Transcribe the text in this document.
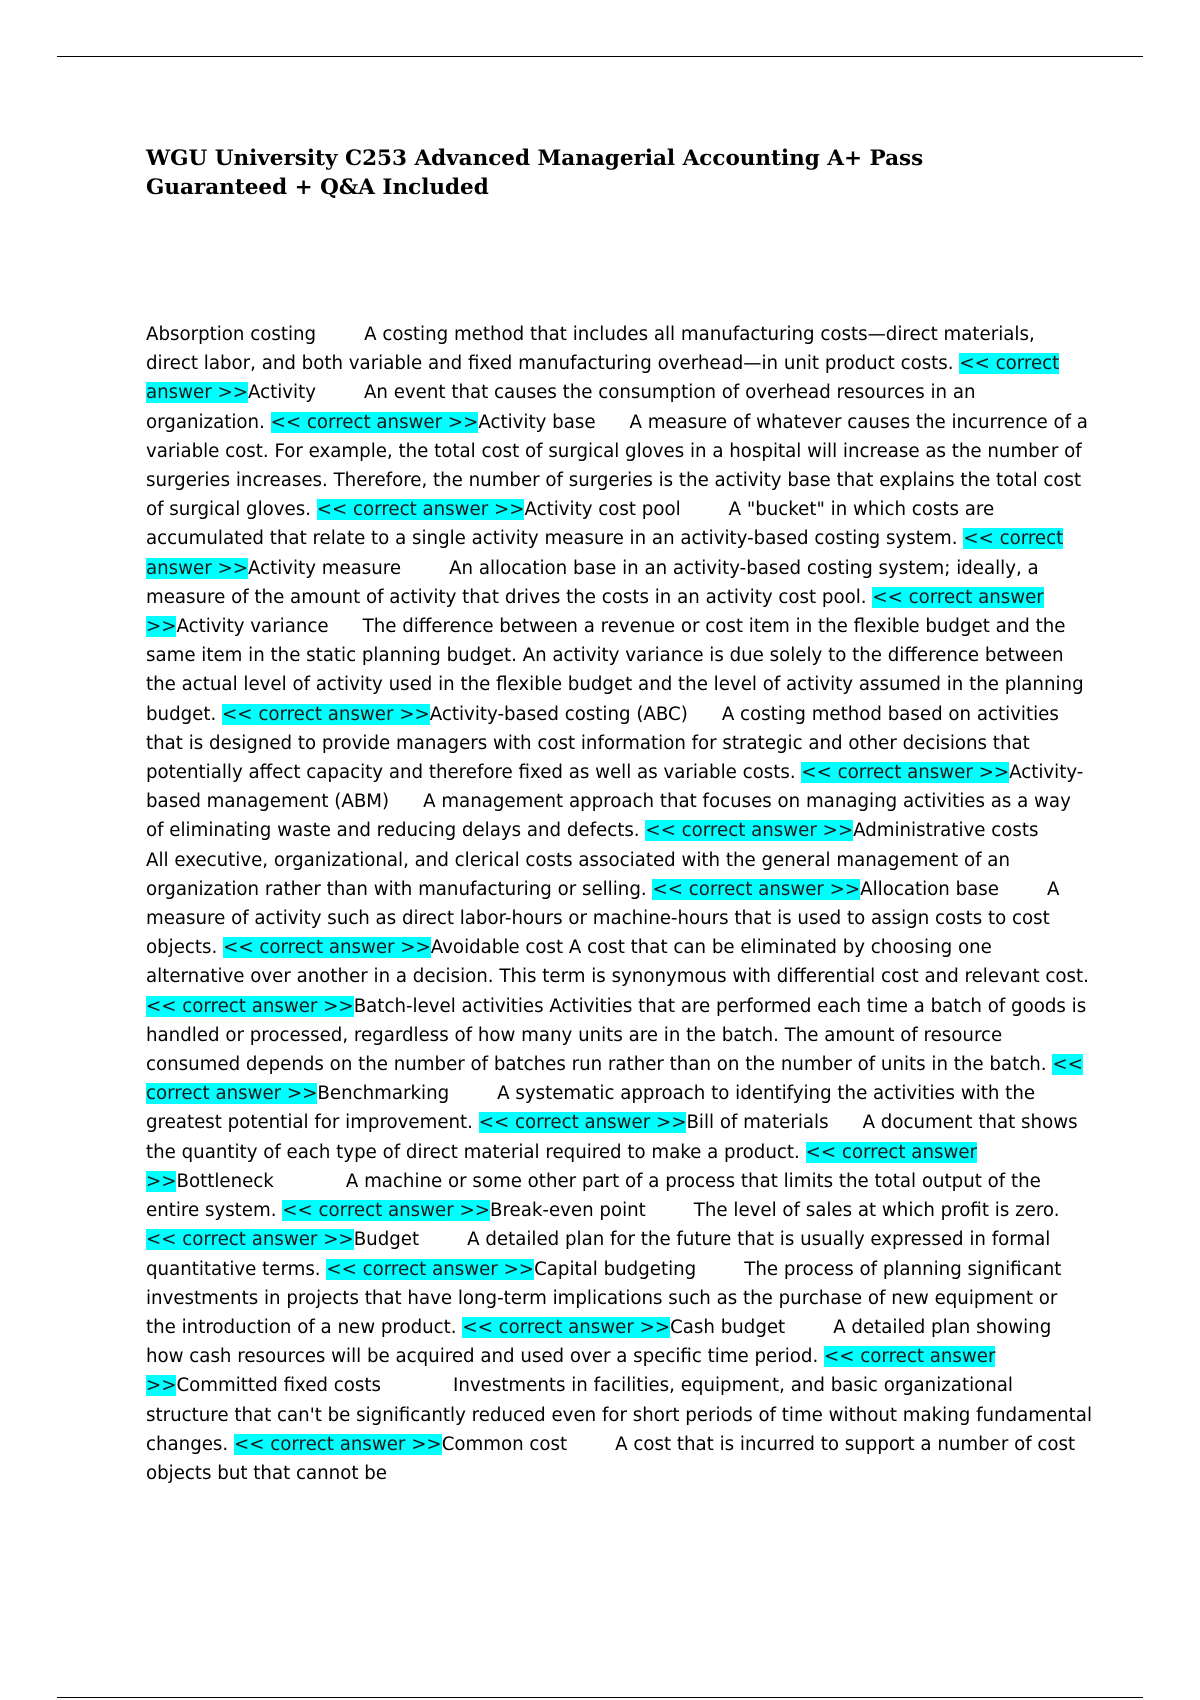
WGU University C253 Advanced Managerial Accounting A+ Pass Guaranteed + Q&A Included

Absorption costing	A costing method that includes all manufacturing costs—direct materials, direct labor, and both variable and fixed manufacturing overhead—in unit product costs. << correct answer >>Activity	An event that causes the consumption of overhead resources in an organization. << correct answer >>Activity base A measure of whatever causes the incurrence of a variable cost. For example, the total cost of surgical gloves in a hospital will increase as the number of surgeries increases. Therefore, the number of surgeries is the activity base that explains the total cost of surgical gloves. << correct answer >>Activity cost pool	A "bucket" in which costs are accumulated that relate to a single activity measure in an activity-based costing system. << correct answer >>Activity measure	An allocation base in an activity-based costing system; ideally, a measure of the amount of activity that drives the costs in an activity cost pool. << correct answer >>Activity variance The difference between a revenue or cost item in the flexible budget and the same item in the static planning budget. An activity variance is due solely to the difference between the actual level of activity used in the flexible budget and the level of activity assumed in the planning budget. << correct answer >>Activity-based costing (ABC) A costing method based on activities that is designed to provide managers with cost information for strategic and other decisions that potentially affect capacity and therefore fixed as well as variable costs. << correct answer >>Activity-based management (ABM) A management approach that focuses on managing activities as a way of eliminating waste and reducing delays and defects. << correct answer >>Administrative costsAll executive, organizational, and clerical costs associated with the general management of an organization rather than with manufacturing or selling. << correct answer >>Allocation base	A measure of activity such as direct labor-hours or machine-hours that is used to assign costs to cost objects. << correct answer >>Avoidable cost A cost that can be eliminated by choosing one alternative over another in a decision. This term is synonymous with differential cost and relevant cost. << correct answer >>Batch-level activities Activities that are performed each time a batch of goods is handled or processed, regardless of how many units are in the batch. The amount of resource consumed depends on the number of batches run rather than on the number of units in the batch. << correct answer >>Benchmarking	A systematic approach to identifying the activities with the greatest potential for improvement. << correct answer >>Bill of materials A document that shows the quantity of each type of direct material required to make a product. << correct answer >>Bottleneck	A machine or some other part of a process that limits the total output of the entire system. << correct answer >>Break-even point	The level of sales at which profit is zero. << correct answer >>Budget	A detailed plan for the future that is usually expressed in formal quantitative terms. << correct answer >>Capital budgeting	The process of planning significant investments in projects that have long-term implications such as the purchase of new equipment or the introduction of a new product. << correct answer >>Cash budget	A detailed plan showing how cash resources will be acquired and used over a specific time period. << correct answer >>Committed fixed costs	Investments in facilities, equipment, and basic organizational structure that can't be significantly reduced even for short periods of time without making fundamental changes. << correct answer >>Common cost	A cost that is incurred to support a number of cost objects but that cannot be
